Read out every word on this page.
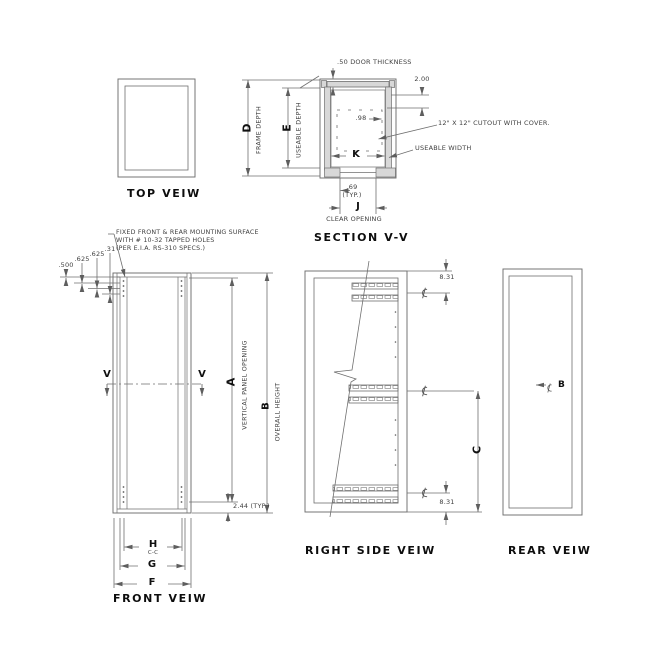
TOP VEIW
.50 DOOR THICKNESS
2.00
.98
12" X 12" CUTOUT WITH COVER.
USEABLE WIDTH
K
.69
(TYP.)
J
CLEAR OPENING
SECTION V-V
D FRAME DEPTH E USEABLE DEPTH
FIXED FRONT & REAR MOUNTING SURFACE
WITH # 10-32 TAPPED HOLES
(PER E.I.A. RS-310 SPECS.)
.500
.625
.625
.31
V	V
A VERTICAL PANEL OPENING B OVERALL HEIGHT
2.44 (TYP.)
H
C-C
G
F
FRONT VEIW
8.31
8.31
C
RIGHT SIDE VEIW
B
REAR VEIW
